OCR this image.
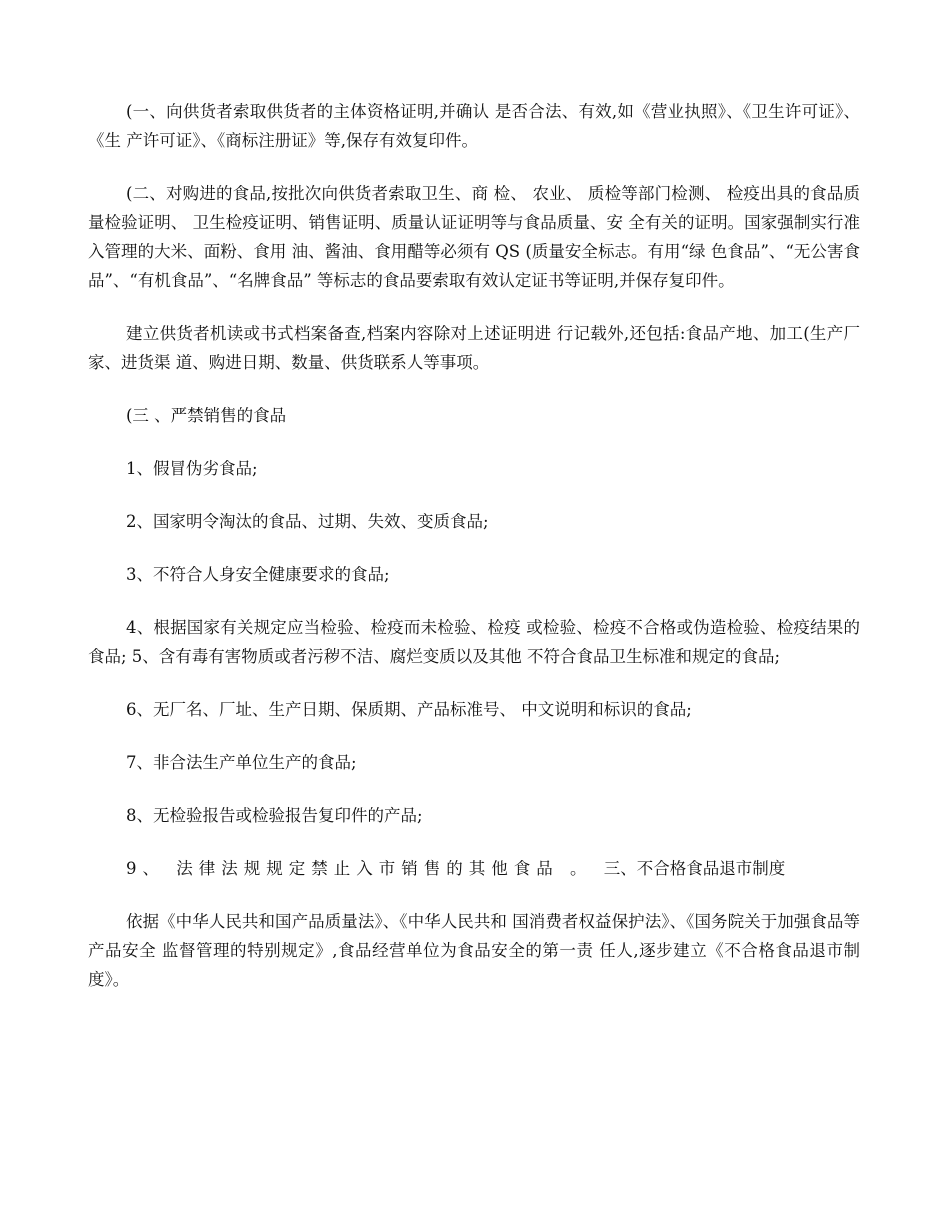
(一、向供货者索取供货者的主体资格证明,并确认 是否合法、有效,如《营业执照》、《卫生许可证》、《生 产许可证》、《商标注册证》等,保存有效复印件。

(二、对购进的食品,按批次向供货者索取卫生、商 检、 农业、 质检等部门检测、 检疫出具的食品质量检验证明、 卫生检疫证明、销售证明、质量认证证明等与食品质量、安 全有关的证明。国家强制实行准入管理的大米、面粉、食用 油、酱油、食用醋等必须有 QS (质量安全标志。有用“绿 色食品”、“无公害食品”、“有机食品”、“名牌食品” 等标志的食品要索取有效认定证书等证明,并保存复印件。

建立供货者机读或书式档案备查,档案内容除对上述证明进 行记载外,还包括:食品产地、加工(生产厂家、进货渠 道、购进日期、数量、供货联系人等事项。

(三 、严禁销售的食品

1、假冒伪劣食品;

2、国家明令淘汰的食品、过期、失效、变质食品;

3、不符合人身安全健康要求的食品;

4、根据国家有关规定应当检验、检疫而未检验、检疫 或检验、检疫不合格或伪造检验、检疫结果的食品; 5、含有毒有害物质或者污秽不洁、腐烂变质以及其他 不符合食品卫生标准和规定的食品;

6、无厂名、厂址、生产日期、保质期、产品标准号、 中文说明和标识的食品;

7、非合法生产单位生产的食品;

8、无检验报告或检验报告复印件的产品;

9、 法律法规规定禁止入市销售的其他食品 。 三、不合格食品退市制度

依据《中华人民共和国产品质量法》、《中华人民共和 国消费者权益保护法》、《国务院关于加强食品等产品安全 监督管理的特别规定》,食品经营单位为食品安全的第一责 任人,逐步建立《不合格食品退市制度》。
